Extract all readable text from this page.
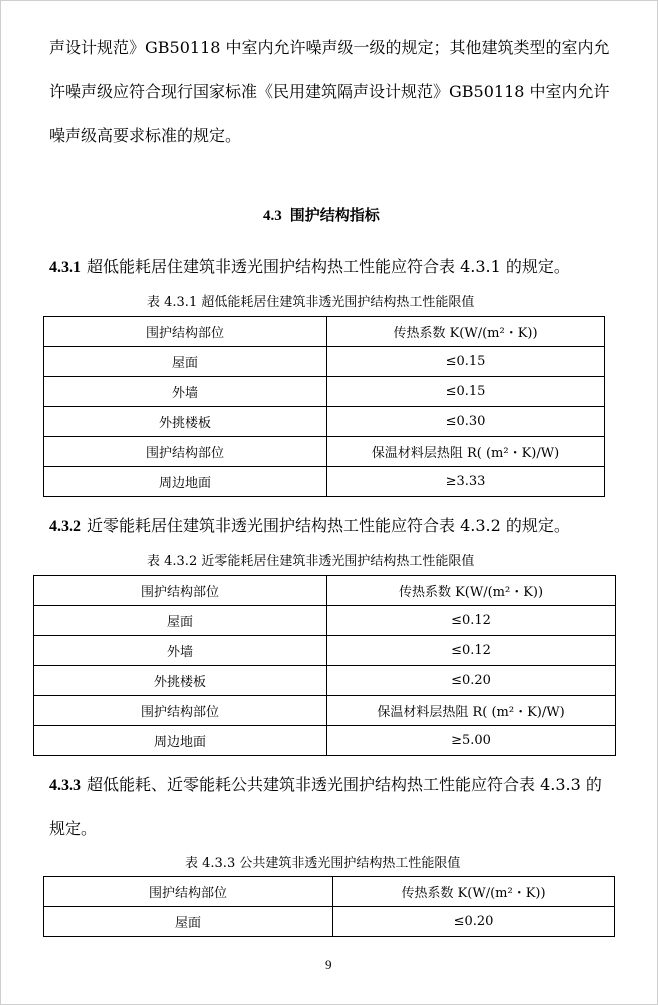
声设计规范》GB50118 中室内允许噪声级一级的规定；其他建筑类型的室内允
许噪声级应符合现行国家标准《民用建筑隔声设计规范》GB50118 中室内允许
噪声级高要求标准的规定。
4.3 围护结构指标
4.3.1 超低能耗居住建筑非透光围护结构热工性能应符合表 4.3.1 的规定。
表 4.3.1 超低能耗居住建筑非透光围护结构热工性能限值
围护结构部位	传热系数 K(W/(m²・K))
屋面	≤0.15
外墙	≤0.15
外挑楼板	≤0.30
围护结构部位	保温材料层热阻 R( (m²・K)/W)
周边地面	≥3.33
4.3.2 近零能耗居住建筑非透光围护结构热工性能应符合表 4.3.2 的规定。
表 4.3.2 近零能耗居住建筑非透光围护结构热工性能限值
围护结构部位	传热系数 K(W/(m²・K))
屋面	≤0.12
外墙	≤0.12
外挑楼板	≤0.20
围护结构部位	保温材料层热阻 R( (m²・K)/W)
周边地面	≥5.00
4.3.3 超低能耗、近零能耗公共建筑非透光围护结构热工性能应符合表 4.3.3 的
规定。
表 4.3.3 公共建筑非透光围护结构热工性能限值
围护结构部位	传热系数 K(W/(m²・K))
屋面	≤0.20
9
